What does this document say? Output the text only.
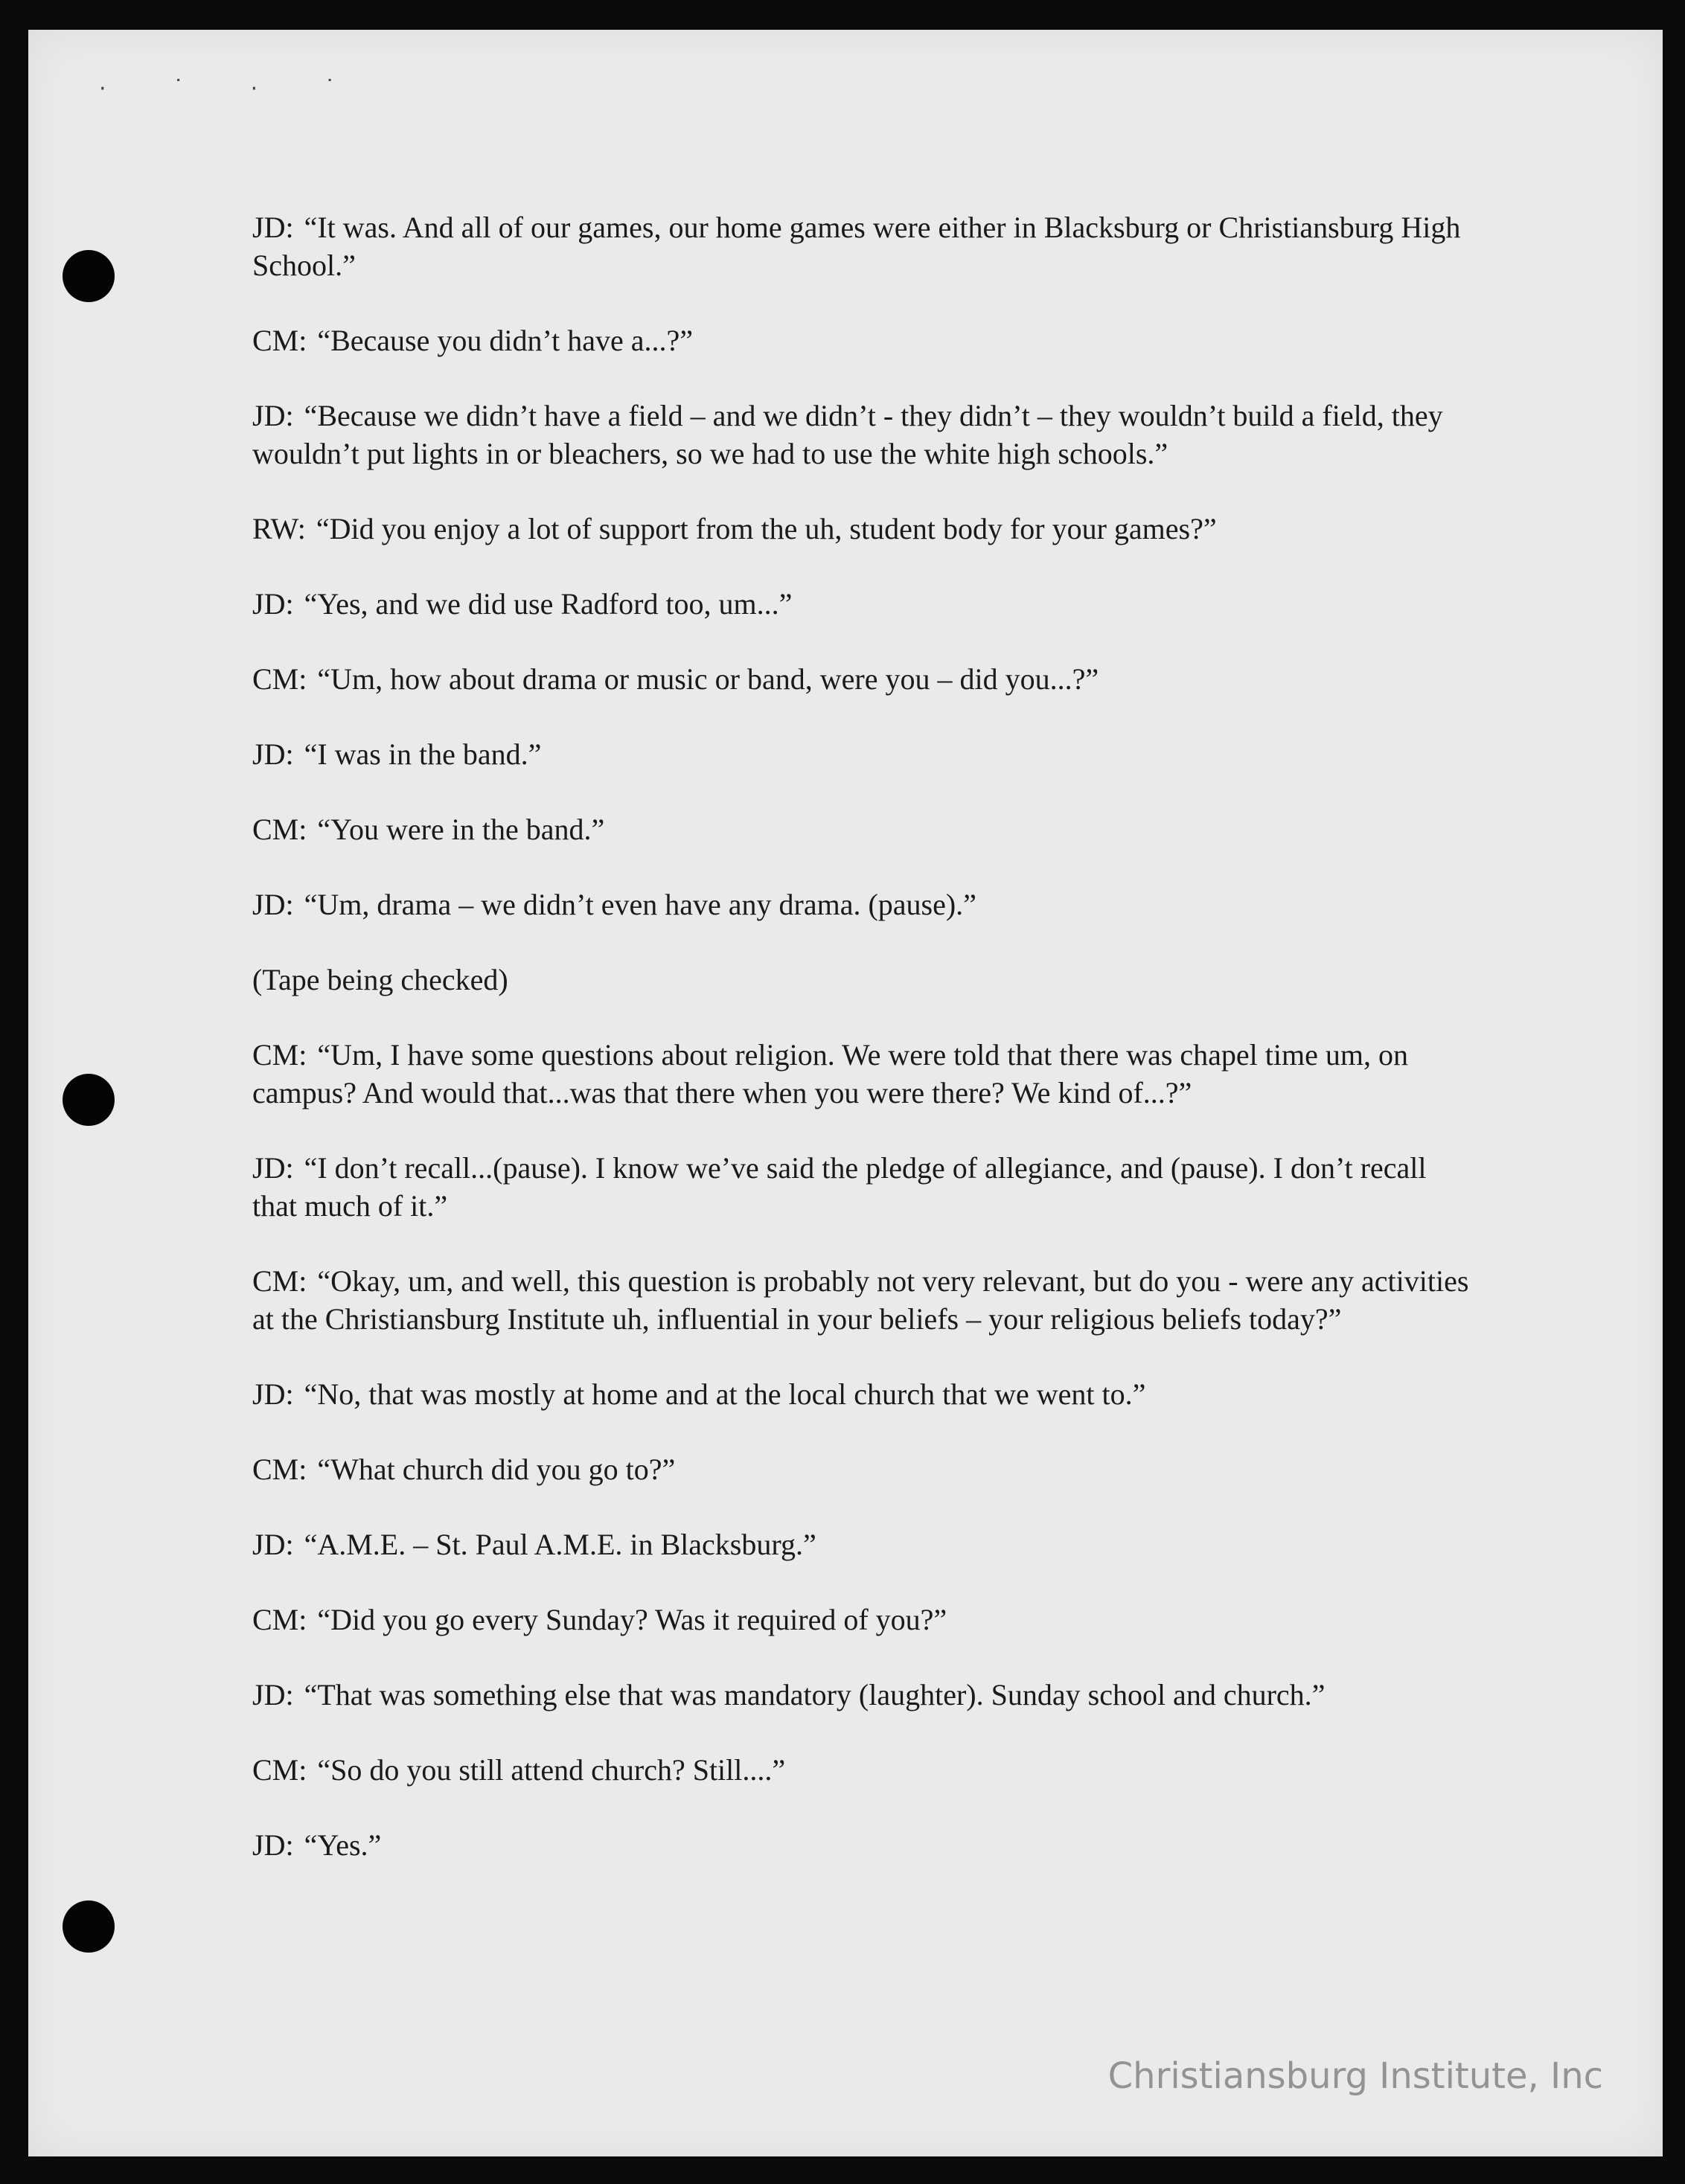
· ˙ · ˙

JD: “It was. And all of our games, our home games were either in Blacksburg or Christiansburg High School.”

CM: “Because you didn’t have a...?”

JD: “Because we didn’t have a field – and we didn’t - they didn’t – they wouldn’t build a field, they wouldn’t put lights in or bleachers, so we had to use the white high schools.”

RW: “Did you enjoy a lot of support from the uh, student body for your games?”

JD: “Yes, and we did use Radford too, um...”

CM: “Um, how about drama or music or band, were you – did you...?”

JD: “I was in the band.”

CM: “You were in the band.”

JD: “Um, drama – we didn’t even have any drama. (pause).”

(Tape being checked)

CM: “Um, I have some questions about religion. We were told that there was chapel time um, on campus? And would that...was that there when you were there? We kind of...?”

JD: “I don’t recall...(pause). I know we’ve said the pledge of allegiance, and (pause). I don’t recall that much of it.”

CM: “Okay, um, and well, this question is probably not very relevant, but do you - were any activities at the Christiansburg Institute uh, influential in your beliefs – your religious beliefs today?”

JD: “No, that was mostly at home and at the local church that we went to.”

CM: “What church did you go to?”

JD: “A.M.E. – St. Paul A.M.E. in Blacksburg.”

CM: “Did you go every Sunday? Was it required of you?”

JD: “That was something else that was mandatory (laughter). Sunday school and church.”

CM: “So do you still attend church? Still....”

JD: “Yes.”

Christiansburg Institute, Inc
